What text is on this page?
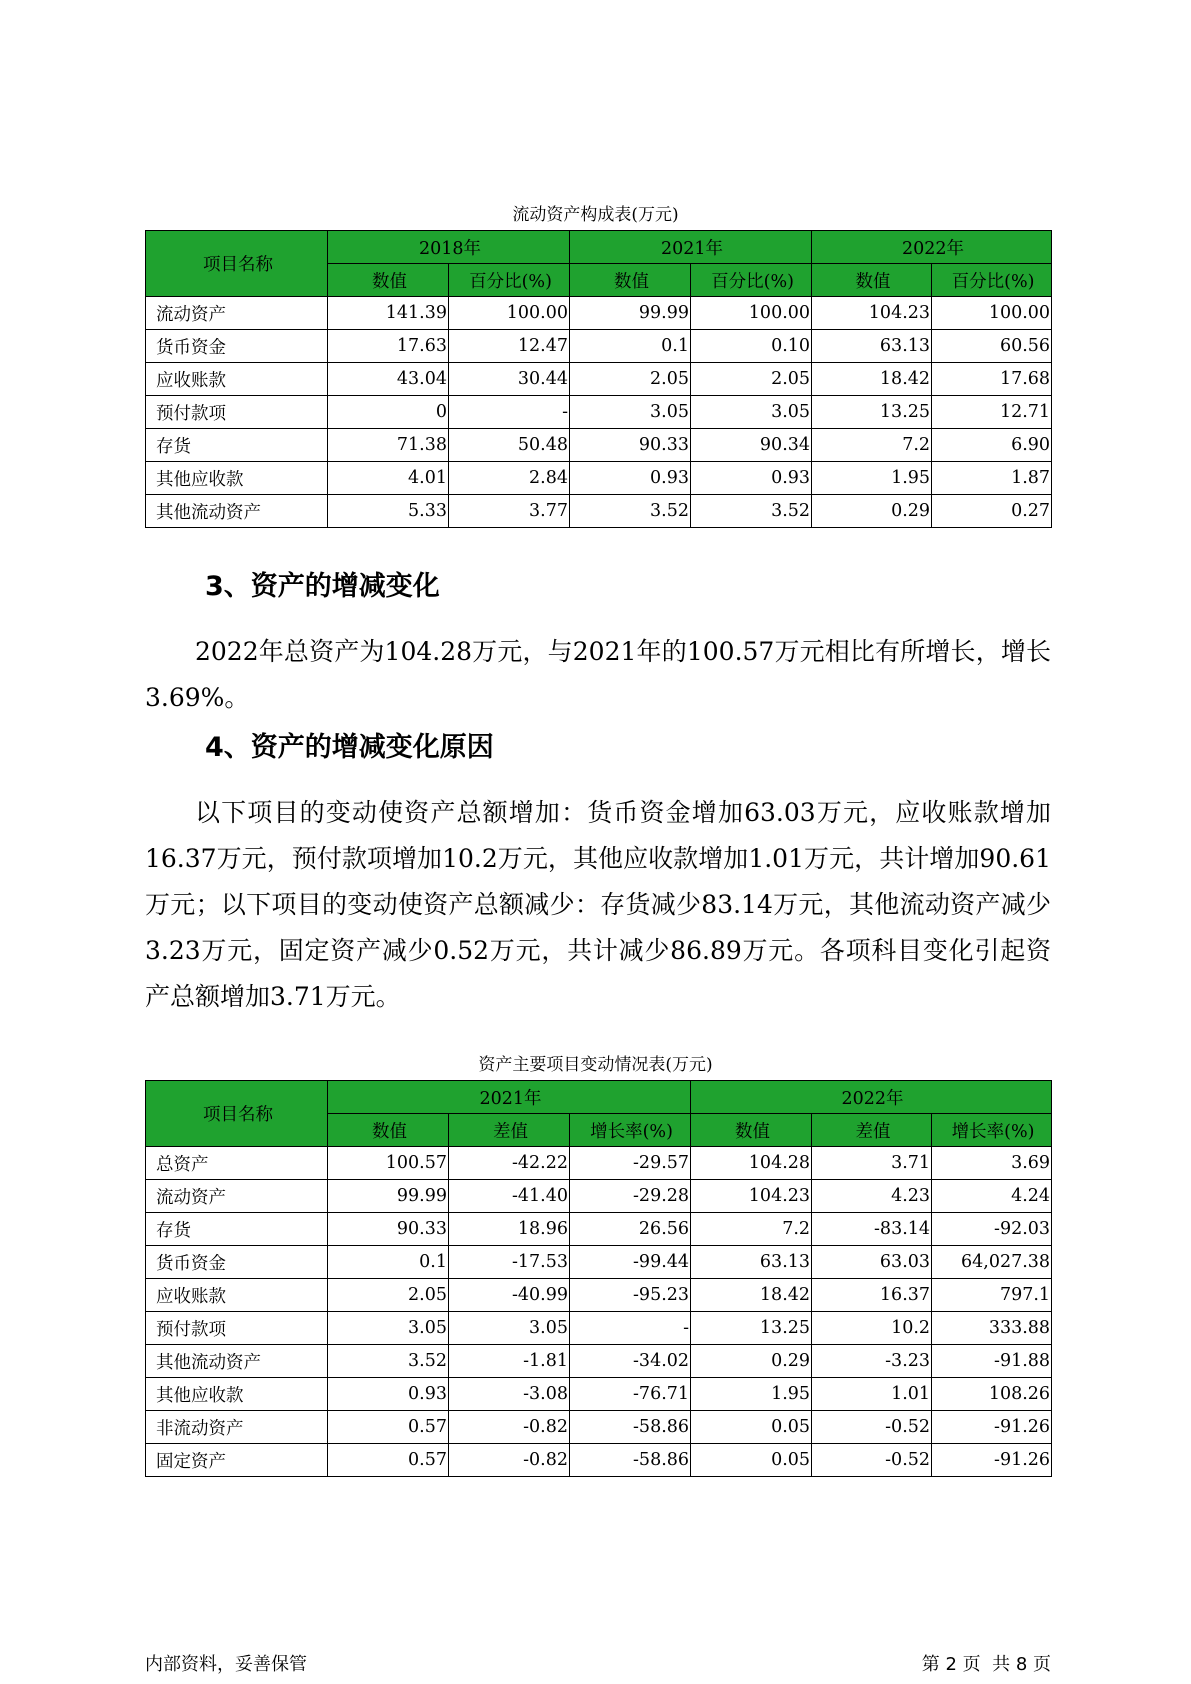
流动资产构成表(万元)
项目名称	2018年		2021年		2022年	
	数值	百分比(%)	数值	百分比(%)	数值	百分比(%)
流动资产	141.39	100.00	99.99	100.00	104.23	100.00
货币资金	17.63	12.47	0.1	0.10	63.13	60.56
应收账款	43.04	30.44	2.05	2.05	18.42	17.68
预付款项	0	-	3.05	3.05	13.25	12.71
存货	71.38	50.48	90.33	90.34	7.2	6.90
其他应收款	4.01	2.84	0.93	0.93	1.95	1.87
其他流动资产	5.33	3.77	3.52	3.52	0.29	0.27
3、资产的增减变化
2022年总资产为104.28万元，与2021年的100.57万元相比有所增长，增长3.69%。
4、资产的增减变化原因
以下项目的变动使资产总额增加：货币资金增加63.03万元，应收账款增加16.37万元，预付款项增加10.2万元，其他应收款增加1.01万元，共计增加90.61万元；以下项目的变动使资产总额减少：存货减少83.14万元，其他流动资产减少3.23万元，固定资产减少0.52万元，共计减少86.89万元。各项科目变化引起资产总额增加3.71万元。
资产主要项目变动情况表(万元)
项目名称	2021年			2022年		
	数值	差值	增长率(%)	数值	差值	增长率(%)
总资产	100.57	-42.22	-29.57	104.28	3.71	3.69
流动资产	99.99	-41.40	-29.28	104.23	4.23	4.24
存货	90.33	18.96	26.56	7.2	-83.14	-92.03
货币资金	0.1	-17.53	-99.44	63.13	63.03	64,027.38
应收账款	2.05	-40.99	-95.23	18.42	16.37	797.1
预付款项	3.05	3.05	-	13.25	10.2	333.88
其他流动资产	3.52	-1.81	-34.02	0.29	-3.23	-91.88
其他应收款	0.93	-3.08	-76.71	1.95	1.01	108.26
非流动资产	0.57	-0.82	-58.86	0.05	-0.52	-91.26
固定资产	0.57	-0.82	-58.86	0.05	-0.52	-91.26
内部资料，妥善保管	第 2 页  共 8 页
